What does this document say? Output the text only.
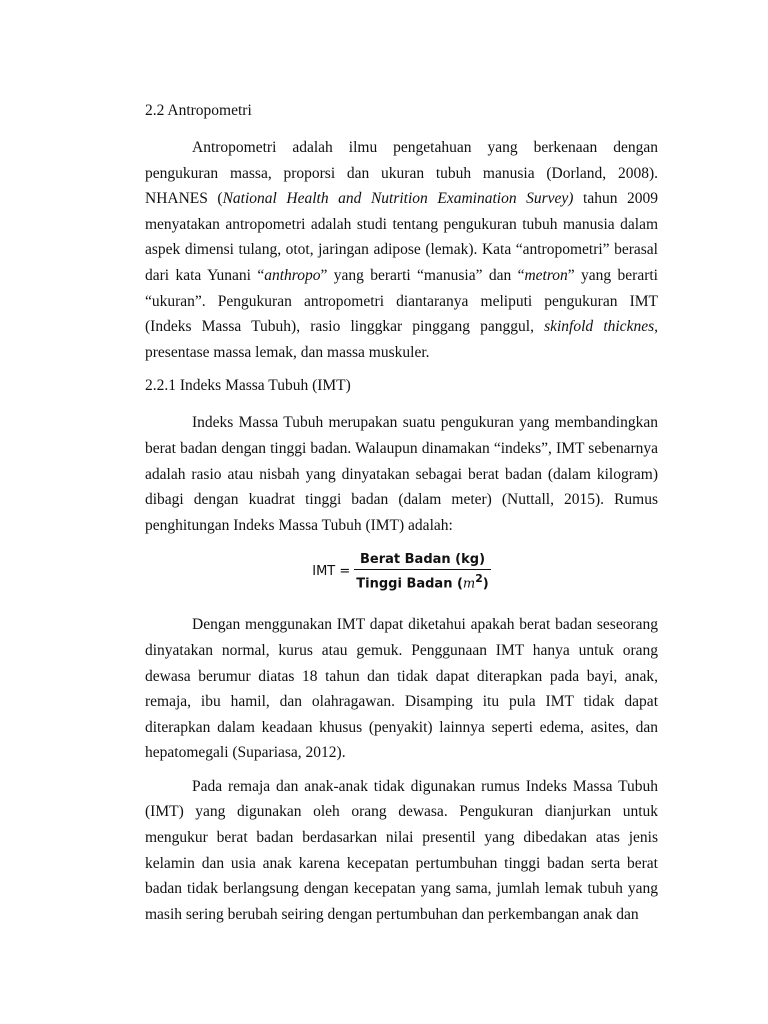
2.2 Antropometri

Antropometri adalah ilmu pengetahuan yang berkenaan dengan pengukuran massa, proporsi dan ukuran tubuh manusia (Dorland, 2008). NHANES (National Health and Nutrition Examination Survey) tahun 2009 menyatakan antropometri adalah studi tentang pengukuran tubuh manusia dalam aspek dimensi tulang, otot, jaringan adipose (lemak). Kata “antropometri” berasal dari kata Yunani “anthropo” yang berarti “manusia” dan “metron” yang berarti “ukuran”. Pengukuran antropometri diantaranya meliputi pengukuran IMT (Indeks Massa Tubuh), rasio linggkar pinggang panggul, skinfold thicknes, presentase massa lemak, dan massa muskuler.

2.2.1 Indeks Massa Tubuh (IMT)

Indeks Massa Tubuh merupakan suatu pengukuran yang membandingkan berat badan dengan tinggi badan. Walaupun dinamakan “indeks”, IMT sebenarnya adalah rasio atau nisbah yang dinyatakan sebagai berat badan (dalam kilogram) dibagi dengan kuadrat tinggi badan (dalam meter) (Nuttall, 2015). Rumus penghitungan Indeks Massa Tubuh (IMT) adalah:

IMT = $\frac{\text{Berat Badan (kg)}}{Tinggi Badan (m^2)}$

Dengan menggunakan IMT dapat diketahui apakah berat badan seseorang dinyatakan normal, kurus atau gemuk. Penggunaan IMT hanya untuk orang dewasa berumur diatas 18 tahun dan tidak dapat diterapkan pada bayi, anak, remaja, ibu hamil, dan olahragawan. Disamping itu pula IMT tidak dapat diterapkan dalam keadaan khusus (penyakit) lainnya seperti edema, asites, dan hepatomegali (Supariasa, 2012).

Pada remaja dan anak-anak tidak digunakan rumus Indeks Massa Tubuh (IMT) yang digunakan oleh orang dewasa. Pengukuran dianjurkan untuk mengukur berat badan berdasarkan nilai presentil yang dibedakan atas jenis kelamin dan usia anak karena kecepatan pertumbuhan tinggi badan serta berat badan tidak berlangsung dengan kecepatan yang sama, jumlah lemak tubuh yang masih sering berubah seiring dengan pertumbuhan dan perkembangan anak dan
